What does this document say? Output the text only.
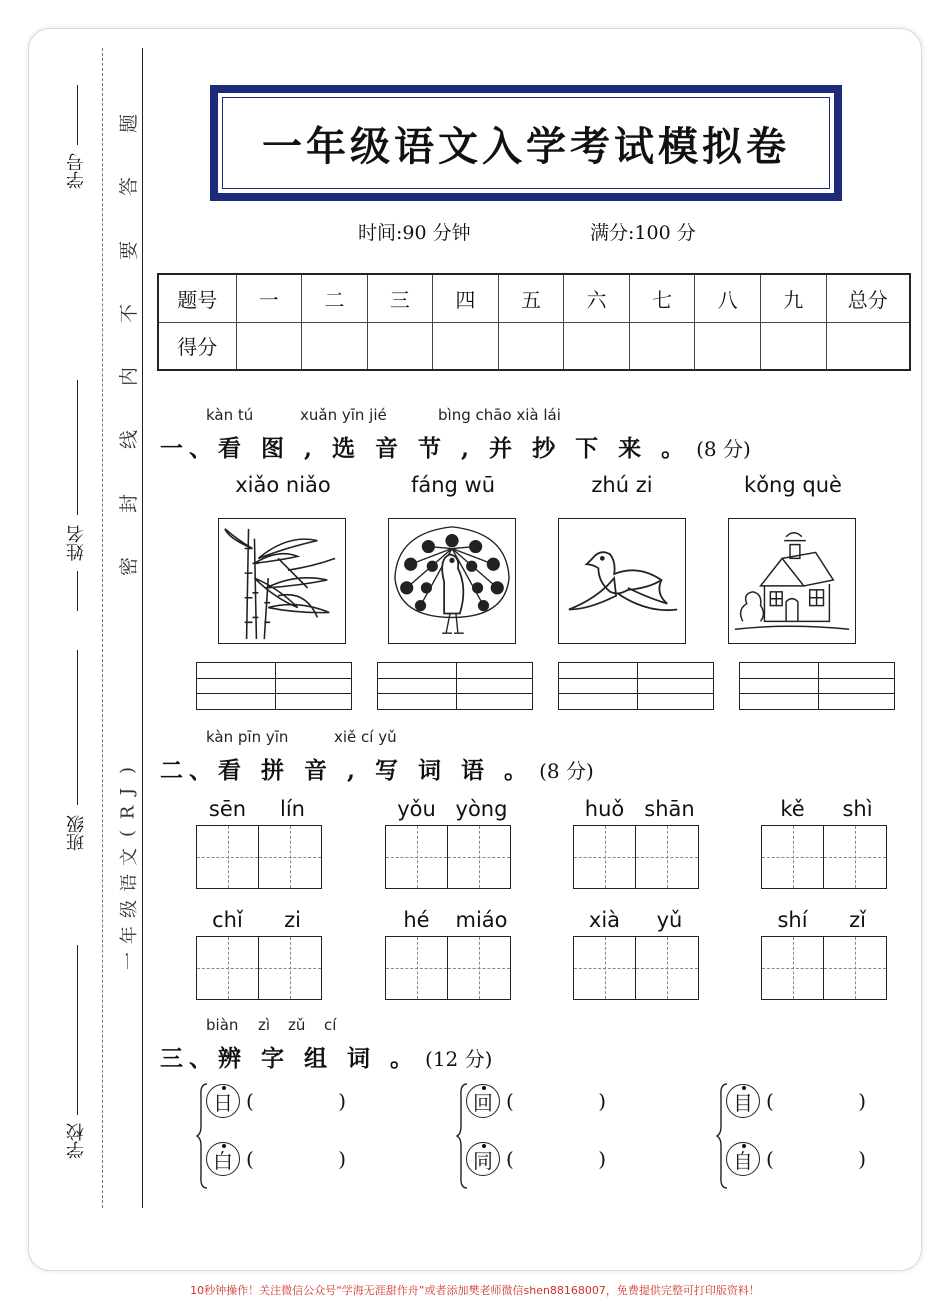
学号
姓名
班级
学校
题
答
要
不
内
线
封
密
)
J
R
(
文
语
级
年
一
一年级语文入学考试模拟卷
时间:90 分钟	满分:100 分
题号	一	二	三	四	五	六	七	八	九	总分
得分										
kàn tú	xuǎn yīn jié	bìng chāo xià lái
一、看 图 , 选 音 节 , 并 抄 下 来 。 (8 分)
xiǎo niǎo	fáng wū	zhú zi	kǒng què
kàn pīn yīn	xiě cí yǔ
二、看 拼 音 , 写 词 语 。 (8 分)
sēn	lín	yǒu yòng	huǒ shān	kě	shì
chǐ	zi	hé	miáo	xià	yǔ	shí	zǐ
biàn zì zǔ cí
三、辨 字 组 词 。 (12 分)
日 (	)
白 (	)
回 (	)
同 (	)
目 (	)
自 (	)
10秒钟操作！关注微信公众号“学海无涯甜作舟”或者添加樊老师微信shen88168007，免费提供完整可打印版资料！
